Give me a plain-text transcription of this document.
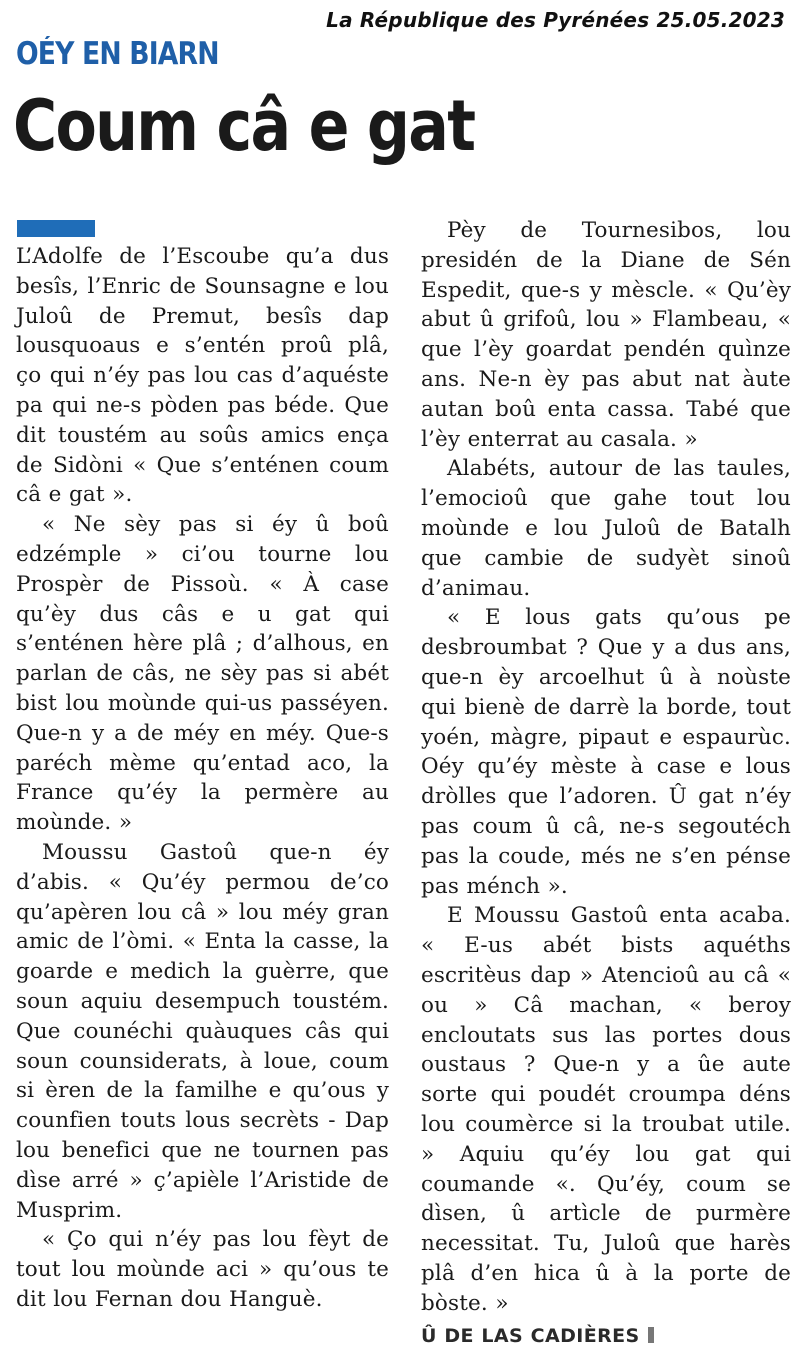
La République des Pyrénées 25.05.2023
OÉY EN BIARN
Coum câ e gat

L’Adolfe de l’Escoube qu’a dus besîs, l’Enric de Sounsagne e lou Juloû de Premut, besîs dap lousquoaus e s’entén proû plâ, ço qui n’éy pas lou cas d’aquéste pa qui ne-s pòden pas béde. Que dit toustém au soûs amics ença de Sidòni « Que s’enténen coum câ e gat ».

« Ne sèy pas si éy û boû edzémple » ci’ou tourne lou Prospèr de Pissoù. « À case qu’èy dus câs e u gat qui s’enténen hère plâ ; d’alhous, en parlan de câs, ne sèy pas si abét bist lou moùnde qui-us passéyen. Que-n y a de méy en méy. Que-s paréch mème qu’entad aco, la France qu’éy la permère au moùnde. »

Moussu Gastoû que-n éy d’abis. « Qu’éy permou de’co qu’apèren lou câ » lou méy gran amic de l’òmi. « Enta la casse, la goarde e medich la guèrre, que soun aquiu desempuch toustém. Que counéchi quàuques câs qui soun counsiderats, à loue, coum si èren de la familhe e qu’ous y counfien touts lous secrèts - Dap lou benefici que ne tournen pas dìse arré » ç’apièle l’Aristide de Musprim.

« Ço qui n’éy pas lou fèyt de tout lou moùnde aci » qu’ous te dit lou Fernan dou Hanguè.

Pèy de Tournesibos, lou presidén de la Diane de Sén Espedit, que-s y mèscle. « Qu’èy abut û grifoû, lou » Flambeau, « que l’èy goardat pendén quìnze ans. Ne-n èy pas abut nat àute autan boû enta cassa. Tabé que l’èy enterrat au casala. »

Alabéts, autour de las taules, l’emocioû que gahe tout lou moùnde e lou Juloû de Batalh que cambie de sudyèt sinoû d’animau.

« E lous gats qu’ous pe desbroumbat ? Que y a dus ans, que-n èy arcoelhut û à noùste qui bienè de darrè la borde, tout yoén, màgre, pipaut e espaurùc. Oéy qu’éy mèste à case e lous dròlles que l’adoren. Û gat n’éy pas coum û câ, ne-s segoutéch pas la coude, més ne s’en pénse pas ménch ».

E Moussu Gastoû enta acaba. « E-us abét bists aquéths escritèus dap » Atencioû au câ « ou » Câ machan, « beroy encloutats sus las portes dous oustaus ? Que-n y a ûe aute sorte qui poudét croumpa déns lou coumèrce si la troubat utile. » Aquiu qu’éy lou gat qui coumande «. Qu’éy, coum se dìsen, û artìcle de purmère necessitat. Tu, Juloû que harès plâ d’en hica û à la porte de bòste. »

Û DE LAS CADIÈRES
